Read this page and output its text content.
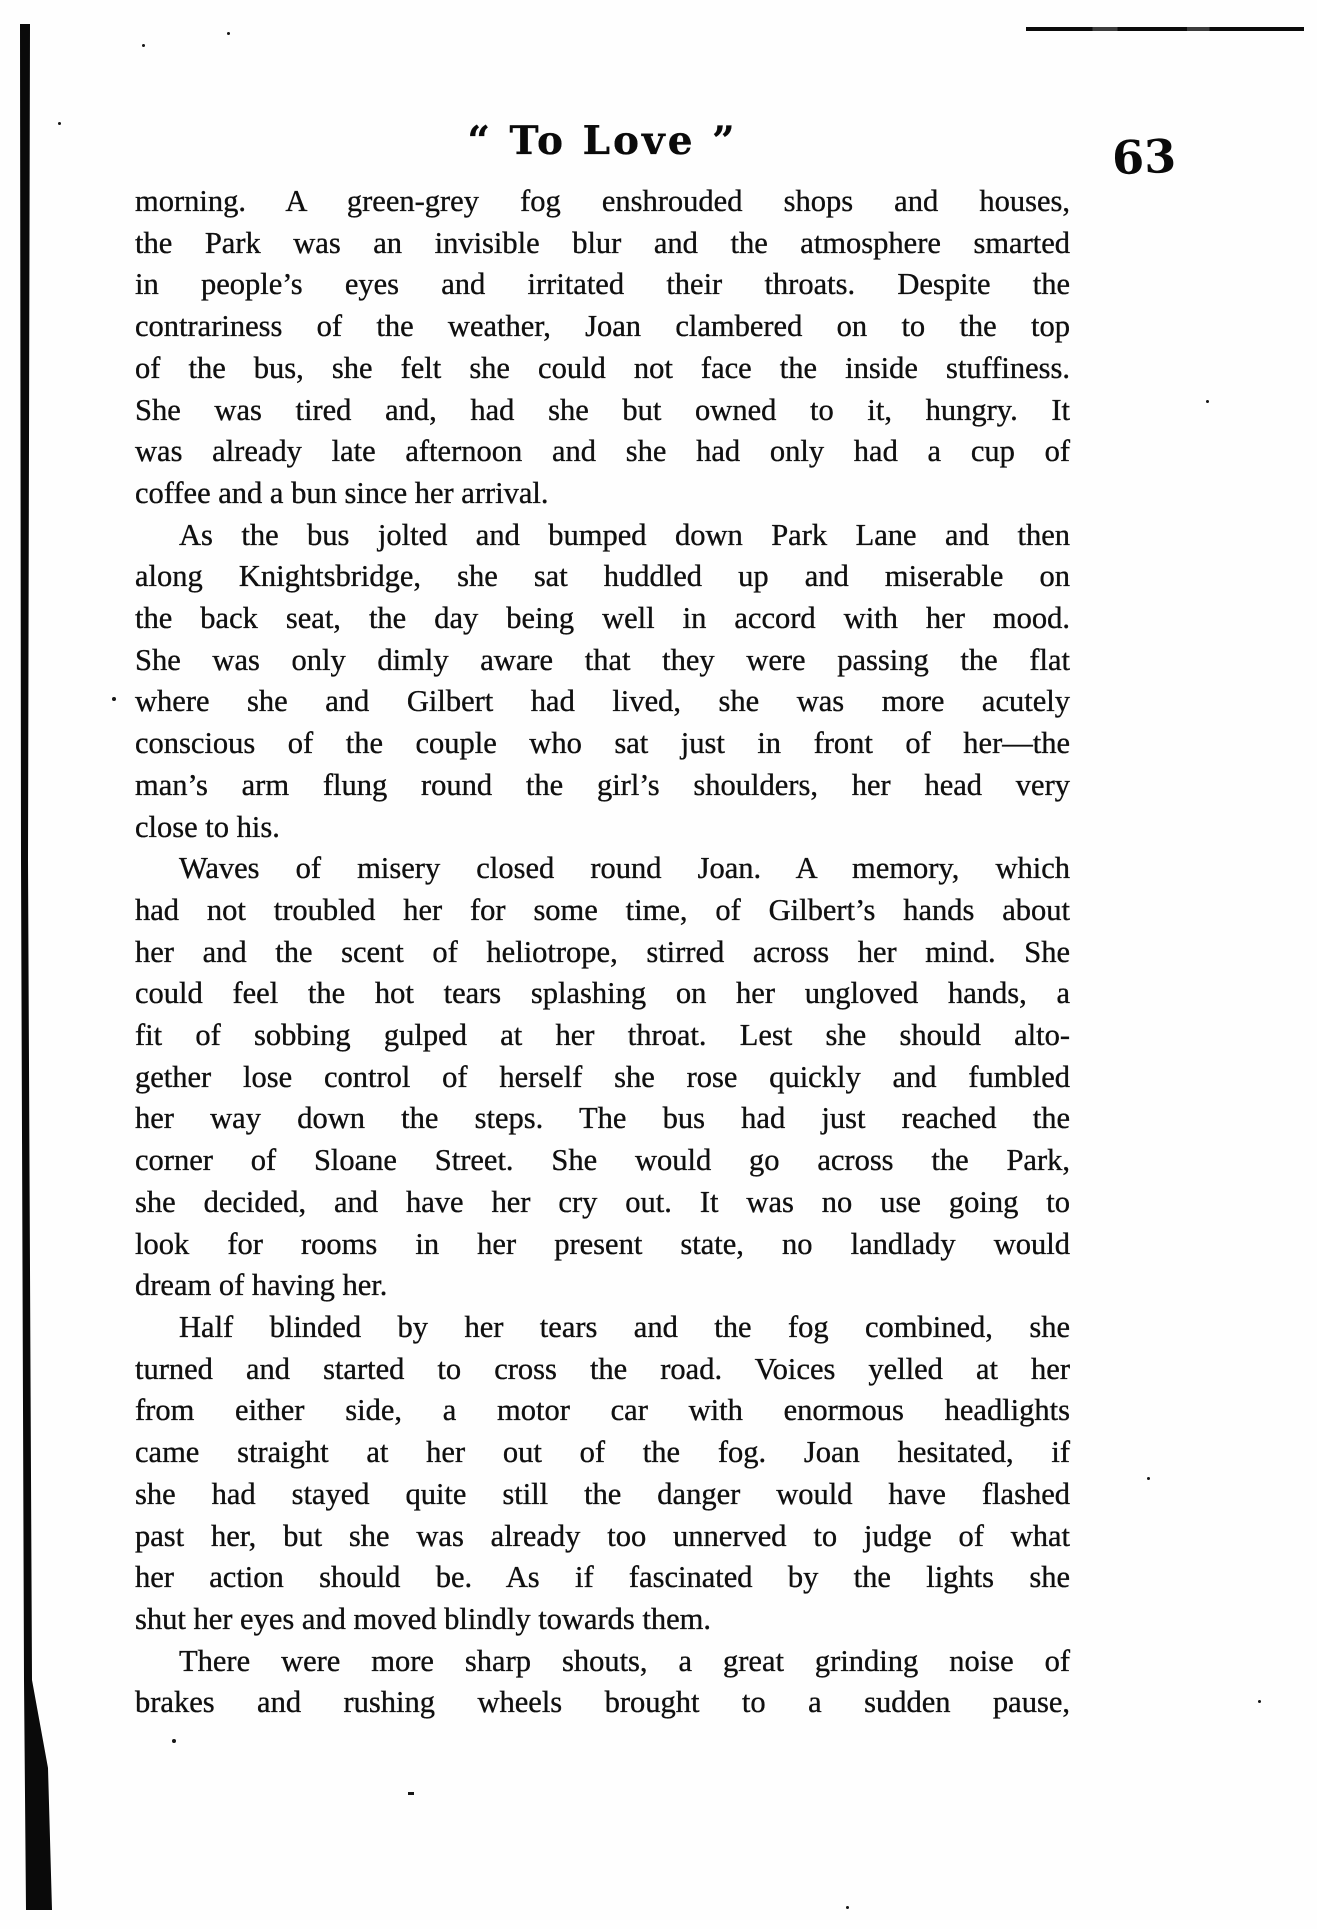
“ To Love ”	63
morning. A green-grey fog enshrouded shops and houses,
the Park was an invisible blur and the atmosphere smarted
in people’s eyes and irritated their throats. Despite the
contrariness of the weather, Joan clambered on to the top
of the bus, she felt she could not face the inside stuffiness.
She was tired and, had she but owned to it, hungry. It
was already late afternoon and she had only had a cup of
coffee and a bun since her arrival.
As the bus jolted and bumped down Park Lane and then
along Knightsbridge, she sat huddled up and miserable on
the back seat, the day being well in accord with her mood.
She was only dimly aware that they were passing the flat
where she and Gilbert had lived, she was more acutely
conscious of the couple who sat just in front of her—the
man’s arm flung round the girl’s shoulders, her head very
close to his.
Waves of misery closed round Joan. A memory, which
had not troubled her for some time, of Gilbert’s hands about
her and the scent of heliotrope, stirred across her mind. She
could feel the hot tears splashing on her ungloved hands, a
fit of sobbing gulped at her throat. Lest she should alto-
gether lose control of herself she rose quickly and fumbled
her way down the steps. The bus had just reached the
corner of Sloane Street. She would go across the Park,
she decided, and have her cry out. It was no use going to
look for rooms in her present state, no landlady would
dream of having her.
Half blinded by her tears and the fog combined, she
turned and started to cross the road. Voices yelled at her
from either side, a motor car with enormous headlights
came straight at her out of the fog. Joan hesitated, if
she had stayed quite still the danger would have flashed
past her, but she was already too unnerved to judge of what
her action should be. As if fascinated by the lights she
shut her eyes and moved blindly towards them.
There were more sharp shouts, a great grinding noise of
brakes and rushing wheels brought to a sudden pause,
